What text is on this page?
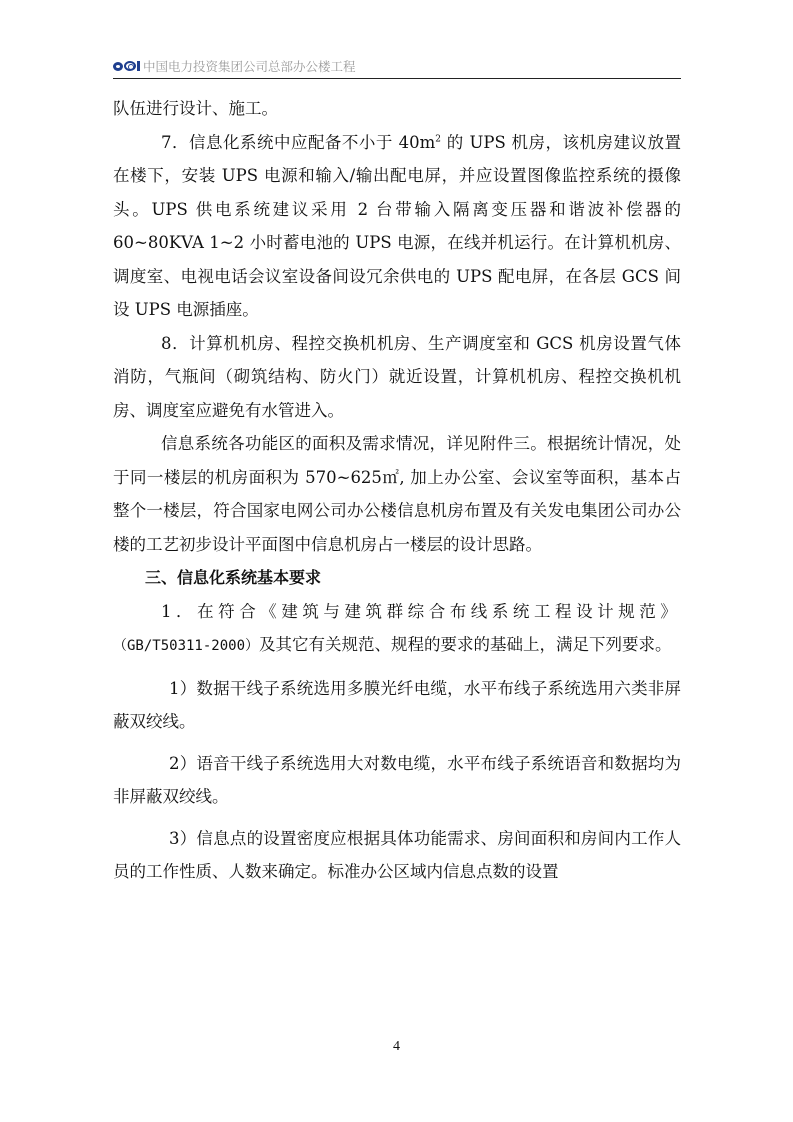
中国电力投资集团公司总部办公楼工程

队伍进行设计、施工。

7．信息化系统中应配备不小于 $40m^2$ 的 UPS 机房，该机房建议放置在楼下，安装 UPS 电源和输入/输出配电屏，并应设置图像监控系统的摄像头。UPS 供电系统建议采用 2 台带输入隔离变压器和谐波补偿器的 60~80KVA 1~2 小时蓄电池的 UPS 电源，在线并机运行。在计算机机房、调度室、电视电话会议室设备间设冗余供电的 UPS 配电屏，在各层 GCS 间设 UPS 电源插座。

8．计算机机房、程控交换机机房、生产调度室和 GCS 机房设置气体消防，气瓶间（砌筑结构、防火门）就近设置，计算机机房、程控交换机机房、调度室应避免有水管进入。

信息系统各功能区的面积及需求情况，详见附件三。根据统计情况，处于同一楼层的机房面积为 570~625㎡, 加上办公室、会议室等面积，基本占整个一楼层，符合国家电网公司办公楼信息机房布置及有关发电集团公司办公楼的工艺初步设计平面图中信息机房占一楼层的设计思路。

三、信息化系统基本要求

1．在符合《建筑与建筑群综合布线系统工程设计规范》（GB/T50311-2000）及其它有关规范、规程的要求的基础上，满足下列要求。

1）数据干线子系统选用多膜光纤电缆，水平布线子系统选用六类非屏蔽双绞线。

2）语音干线子系统选用大对数电缆，水平布线子系统语音和数据均为非屏蔽双绞线。

3）信息点的设置密度应根据具体功能需求、房间面积和房间内工作人员的工作性质、人数来确定。标准办公区域内信息点数的设置

4
